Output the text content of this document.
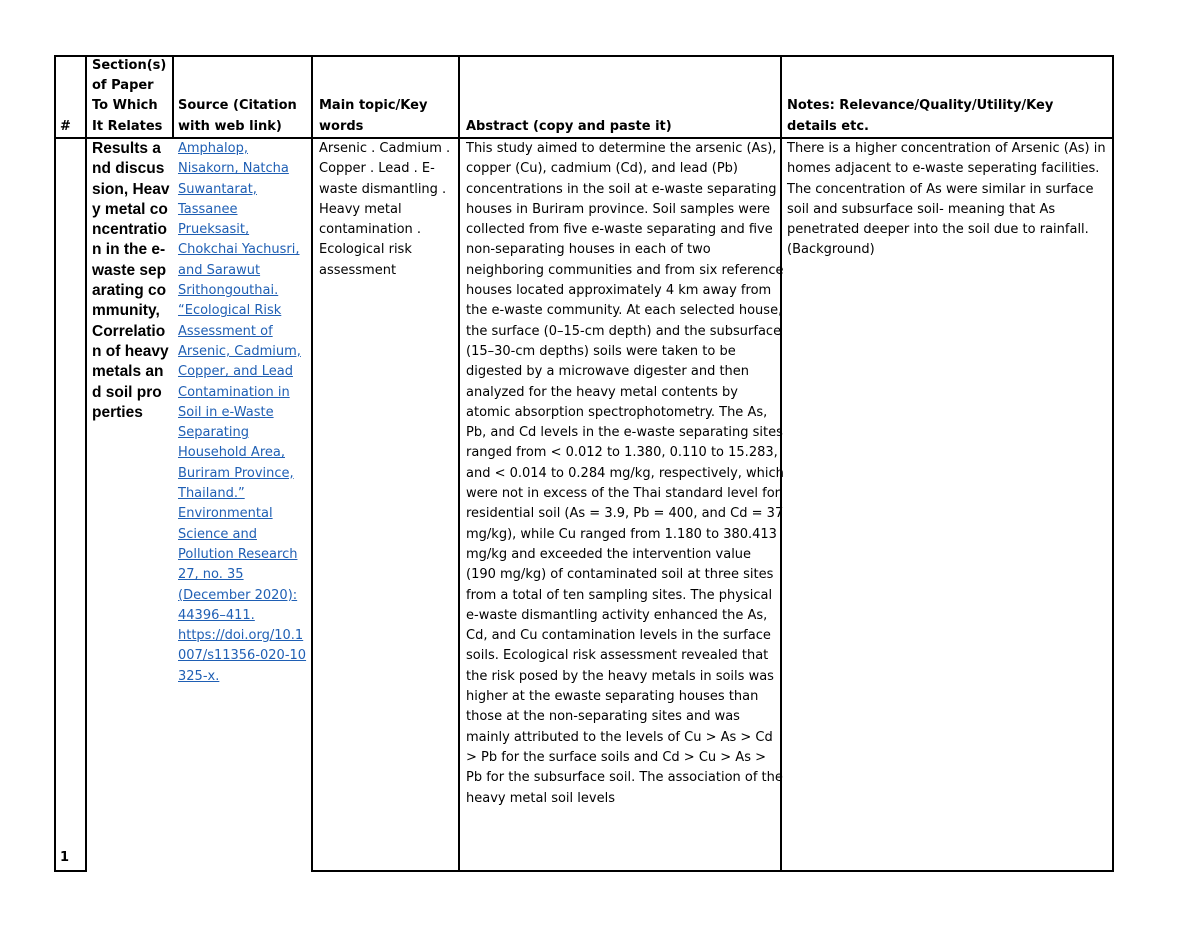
#
Section(s) of Paper To Which It Relates
Source (Citation with web link)
Main topic/Key words	Abstract (copy and paste it)
Notes: Relevance/Quality/Utility/Key details etc.
1
Results and discussion, Heavy metal concentration in the e-waste separating community, Correlation of heavy metals and soil properties
Amphalop, Nisakorn, Natcha Suwantarat, Tassanee Prueksasit, Chokchai Yachusri, and Sarawut Srithongouthai. “Ecological Risk Assessment of Arsenic, Cadmium, Copper, and Lead Contamination in Soil in e-Waste Separating Household Area, Buriram Province, Thailand.” Environmental Science and Pollution Research 27, no. 35 (December 2020): 44396–411.
https://doi.org/10.1007/s11356-020-10325-x.
Arsenic . Cadmium . Copper . Lead . E-waste dismantling . Heavy metal contamination . Ecological risk assessment
This study aimed to determine the arsenic (As), copper (Cu), cadmium (Cd), and lead (Pb) concentrations in the soil at e-waste separating houses in Buriram province. Soil samples were collected from five e-waste separating and five non-separating houses in each of two neighboring communities and from six reference houses located approximately 4 km away from the e-waste community. At each selected house, the surface (0–15-cm depth) and the subsurface (15–30-cm depths) soils were taken to be digested by a microwave digester and then analyzed for the heavy metal contents by atomic absorption spectrophotometry. The As, Pb, and Cd levels in the e-waste separating sites ranged from < 0.012 to 1.380, 0.110 to 15.283, and < 0.014 to 0.284 mg/kg, respectively, which were not in excess of the Thai standard level for residential soil (As = 3.9, Pb = 400, and Cd = 37 mg/kg), while Cu ranged from 1.180 to 380.413 mg/kg and exceeded the intervention value (190 mg/kg) of contaminated soil at three sites from a total of ten sampling sites. The physical e-waste dismantling activity enhanced the As, Cd, and Cu contamination levels in the surface soils. Ecological risk assessment revealed that the risk posed by the heavy metals in soils was higher at the ewaste separating houses than those at the non-separating sites and was mainly attributed to the levels of Cu > As > Cd > Pb for the surface soils and Cd > Cu > As > Pb for the subsurface soil. The association of the heavy metal soil levels
There is a higher concentration of Arsenic (As) in homes adjacent to e-waste seperating facilities. The concentration of As were similar in surface soil and subsurface soil- meaning that As penetrated deeper into the soil due to rainfall. (Background)
